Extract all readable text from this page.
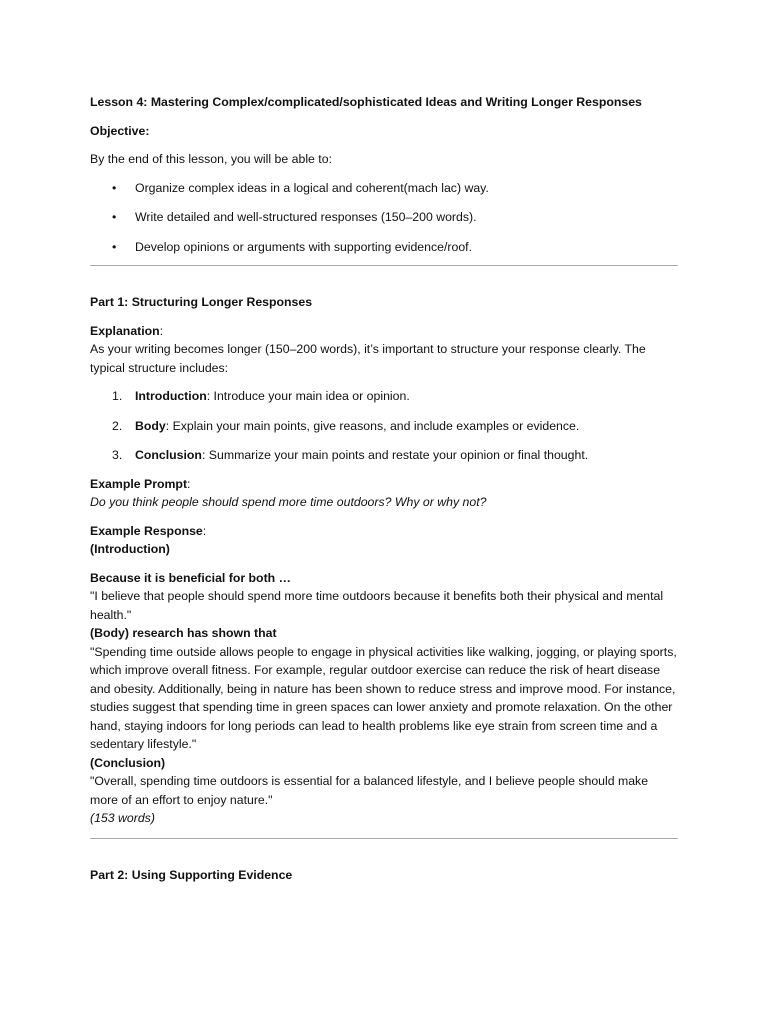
Lesson 4: Mastering Complex/complicated/sophisticated Ideas and Writing Longer Responses

Objective:

By the end of this lesson, you will be able to:

• Organize complex ideas in a logical and coherent(mach lac) way.
• Write detailed and well-structured responses (150–200 words).
• Develop opinions or arguments with supporting evidence/roof.

Part 1: Structuring Longer Responses

Explanation:

As your writing becomes longer (150–200 words), it’s important to structure your response clearly. The typical structure includes:

1. Introduction: Introduce your main idea or opinion.
2. Body: Explain your main points, give reasons, and include examples or evidence.
3. Conclusion: Summarize your main points and restate your opinion or final thought.

Example Prompt:

Do you think people should spend more time outdoors? Why or why not?

Example Response:

(Introduction)

Because it is beneficial for both …

"I believe that people should spend more time outdoors because it benefits both their physical and mental health."

(Body) research has shown that

"Spending time outside allows people to engage in physical activities like walking, jogging, or playing sports, which improve overall fitness. For example, regular outdoor exercise can reduce the risk of heart disease and obesity. Additionally, being in nature has been shown to reduce stress and improve mood. For instance, studies suggest that spending time in green spaces can lower anxiety and promote relaxation. On the other hand, staying indoors for long periods can lead to health problems like eye strain from screen time and a sedentary lifestyle."

(Conclusion)

"Overall, spending time outdoors is essential for a balanced lifestyle, and I believe people should make more of an effort to enjoy nature."

(153 words)

Part 2: Using Supporting Evidence
